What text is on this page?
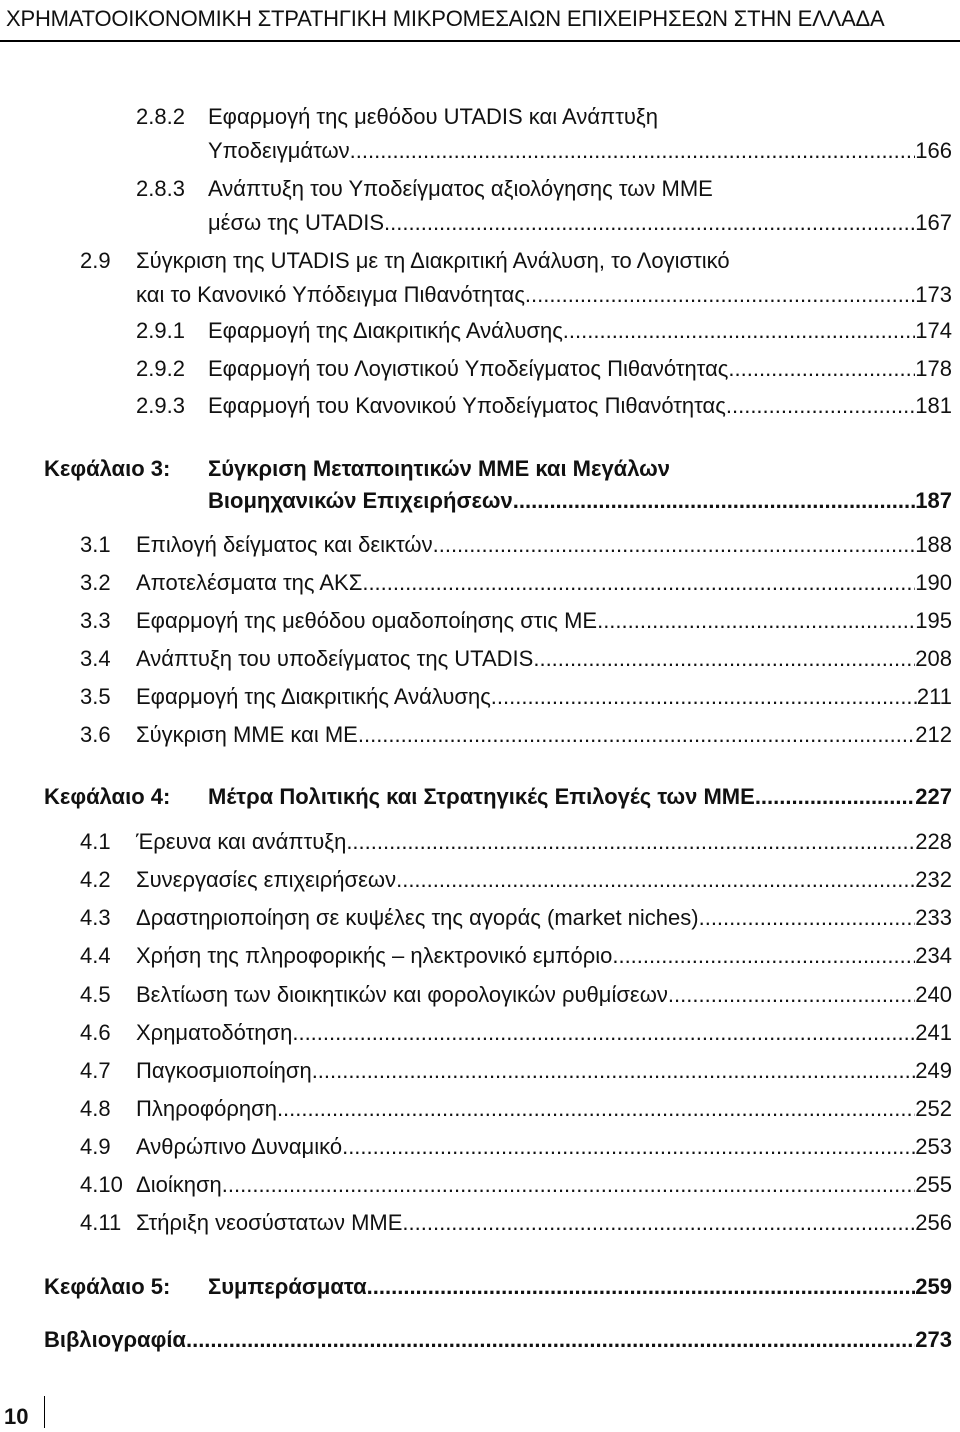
ΧΡΗΜΑΤΟΟΙΚΟΝΟΜΙΚΗ ΣΤΡΑΤΗΓΙΚΗ ΜΙΚΡΟΜΕΣΑΙΩΝ ΕΠΙΧΕΙΡΗΣΕΩΝ ΣΤΗΝ ΕΛΛΑΔΑ
2.8.2	Εφαρμογή της μεθόδου UTADIS και Ανάπτυξη
Υποδειγμάτων .....	166
2.8.3	Ανάπτυξη του Υποδείγματος αξιολόγησης των ΜΜΕ
μέσω της UTADIS. .....	167
2.9	Σύγκριση της UTADIS με τη Διακριτική Ανάλυση, το Λογιστικό
και το Κανονικό Υπόδειγμα Πιθανότητας .....	173
2.9.1	Εφαρμογή της Διακριτικής Ανάλυσης .....	174
2.9.2	Εφαρμογή του Λογιστικού Υποδείγματος Πιθανότητας .....	178
2.9.3	Εφαρμογή του Κανονικού Υποδείγματος Πιθανότητας .....	181
Κεφάλαιο 3:	Σύγκριση Μεταποιητικών ΜΜΕ και Μεγάλων
Βιομηχανικών Επιχειρήσεων .....	187
3.1	Επιλογή δείγματος και δεικτών .....	188
3.2	Αποτελέσματα της ΑΚΣ .....	190
3.3	Εφαρμογή της μεθόδου ομαδοποίησης στις ΜΕ .....	195
3.4	Ανάπτυξη του υποδείγματος της UTADIS .....	208
3.5	Εφαρμογή της Διακριτικής Ανάλυσης .....	211
3.6	Σύγκριση ΜΜΕ και ΜΕ .....	212
Κεφάλαιο 4:	Μέτρα Πολιτικής και Στρατηγικές Επιλογές των ΜΜΕ .....	227
4.1	Έρευνα και ανάπτυξη .....	228
4.2	Συνεργασίες επιχειρήσεων .....	232
4.3	Δραστηριοποίηση σε κυψέλες της αγοράς (market niches) .....	233
4.4	Χρήση της πληροφορικής – ηλεκτρονικό εμπόριο .....	234
4.5	Βελτίωση των διοικητικών και φορολογικών ρυθμίσεων .....	240
4.6	Χρηματοδότηση .....	241
4.7	Παγκοσμιοποίηση .....	249
4.8	Πληροφόρηση .....	252
4.9	Ανθρώπινο Δυναμικό .....	253
4.10 Διοίκηση .....	255
4.11 Στήριξη νεοσύστατων ΜΜΕ .....	256
Κεφάλαιο 5:	Συμπεράσματα .....	259
Βιβλιογραφία .....	273
10
